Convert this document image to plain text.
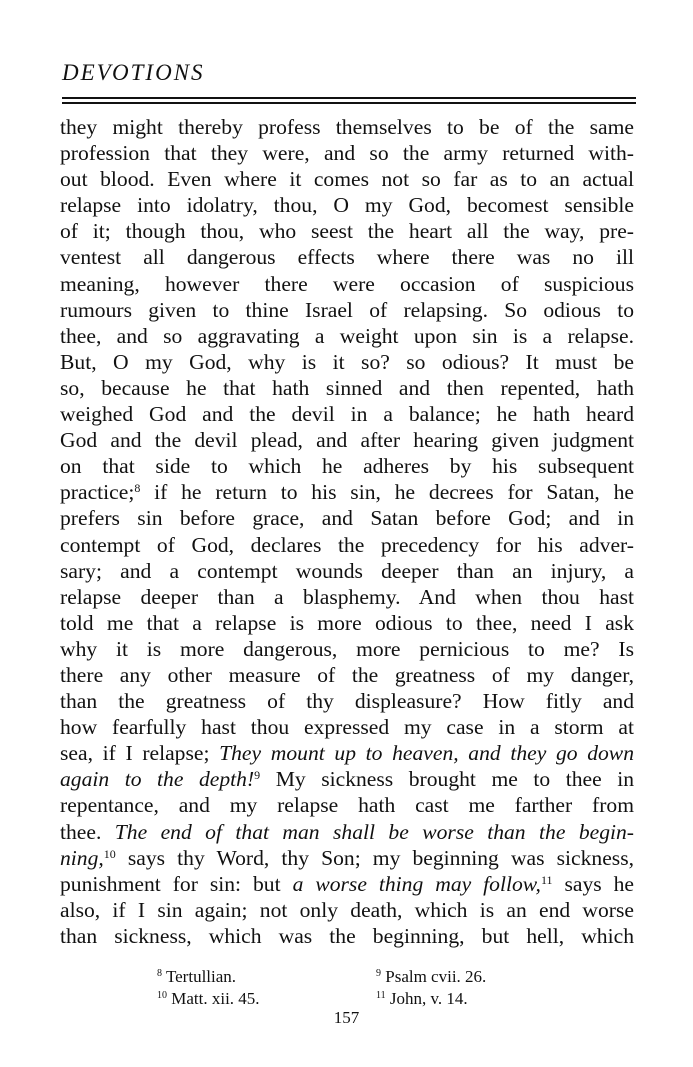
DEVOTIONS
they might thereby profess themselves to be of the same
profession that they were, and so the army returned with-
out blood. Even where it comes not so far as to an actual
relapse into idolatry, thou, O my God, becomest sensible
of it; though thou, who seest the heart all the way, pre-
ventest all dangerous effects where there was no ill
meaning, however there were occasion of suspicious
rumours given to thine Israel of relapsing. So odious to
thee, and so aggravating a weight upon sin is a relapse.
But, O my God, why is it so? so odious? It must be
so, because he that hath sinned and then repented, hath
weighed God and the devil in a balance; he hath heard
God and the devil plead, and after hearing given judgment
on that side to which he adheres by his subsequent
practice;$^8$ if he return to his sin, he decrees for Satan, he
prefers sin before grace, and Satan before God; and in
contempt of God, declares the precedency for his adver-
sary; and a contempt wounds deeper than an injury, a
relapse deeper than a blasphemy. And when thou hast
told me that a relapse is more odious to thee, need I ask
why it is more dangerous, more pernicious to me? Is
there any other measure of the greatness of my danger,
than the greatness of thy displeasure? How fitly and
how fearfully hast thou expressed my case in a storm at
sea, if I relapse; They mount up to heaven, and they go down
again to the depth!$^9$ My sickness brought me to thee in
repentance, and my relapse hath cast me farther from
thee. The end of that man shall be worse than the begin-
ning,$^{10}$ says thy Word, thy Son; my beginning was sickness,
punishment for sin: but a worse thing may follow,$^{11}$ says he
also, if I sin again; not only death, which is an end worse
than sickness, which was the beginning, but hell, which
$^8$ Tertullian.	$^9$ Psalm cvii. 26.
$^{10}$ Matt. xii. 45.	$^{11}$ John, v. 14.
157
